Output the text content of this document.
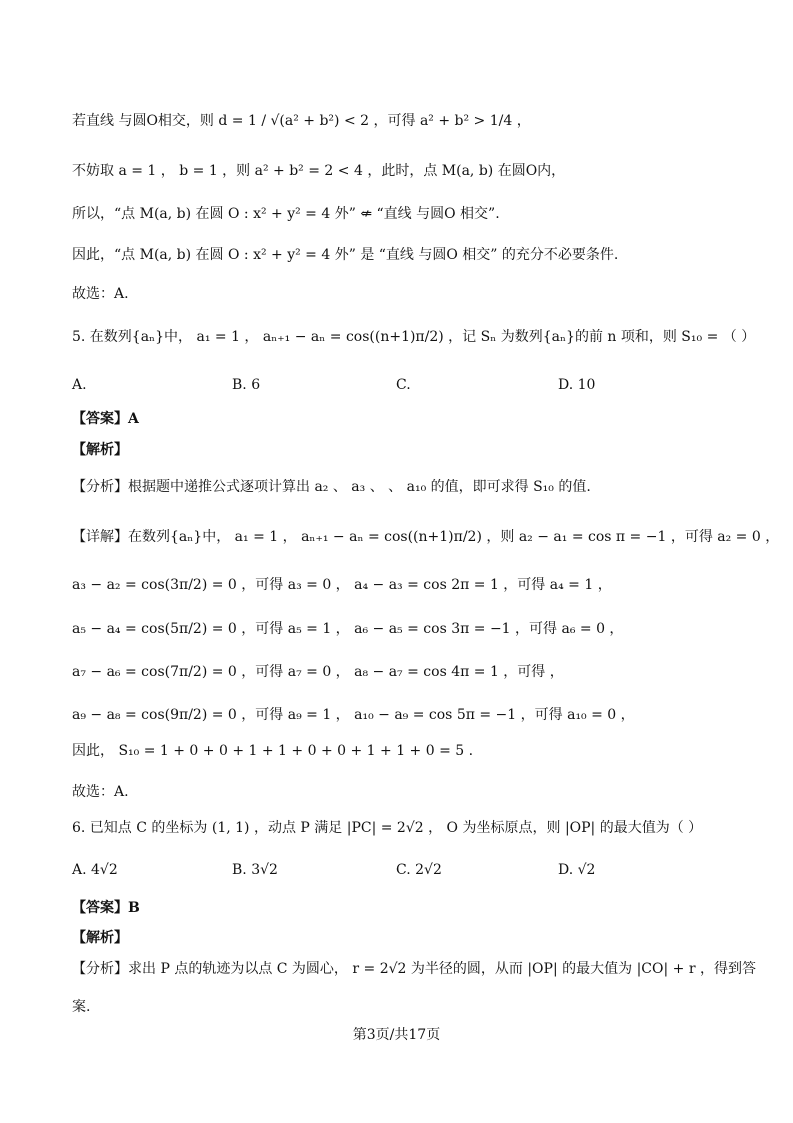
若直线 与圆O相交，则 d = 1 / √(a² + b²) < 2 ，可得 a² + b² > 1/4 ，
不妨取 a = 1 ， b = 1 ，则 a² + b² = 2 < 4 ，此时，点 M(a, b) 在圆O内，
所以，“点 M(a, b) 在圆 O : x² + y² = 4 外” ⇍ “直线 与圆O 相交”.
因此，“点 M(a, b) 在圆 O : x² + y² = 4 外” 是 “直线 与圆O 相交” 的充分不必要条件.
故选：A.
5. 在数列{aₙ}中， a₁ = 1 ， aₙ₊₁ − aₙ = cos((n+1)π/2) ，记 Sₙ 为数列{aₙ}的前 n 项和，则 S₁₀ = （ ）
A.	B. 6	C.	D. 10
【答案】A
【解析】
【分析】根据题中递推公式逐项计算出 a₂ 、 a₃ 、 、 a₁₀ 的值，即可求得 S₁₀ 的值.
【详解】在数列{aₙ}中， a₁ = 1 ， aₙ₊₁ − aₙ = cos((n+1)π/2) ，则 a₂ − a₁ = cos π = −1 ，可得 a₂ = 0 ，
a₃ − a₂ = cos(3π/2) = 0 ，可得 a₃ = 0 ， a₄ − a₃ = cos 2π = 1 ，可得 a₄ = 1 ，
a₅ − a₄ = cos(5π/2) = 0 ，可得 a₅ = 1 ， a₆ − a₅ = cos 3π = −1 ，可得 a₆ = 0 ，
a₇ − a₆ = cos(7π/2) = 0 ，可得 a₇ = 0 ， a₈ − a₇ = cos 4π = 1 ，可得 ，
a₉ − a₈ = cos(9π/2) = 0 ，可得 a₉ = 1 ， a₁₀ − a₉ = cos 5π = −1 ，可得 a₁₀ = 0 ，
因此， S₁₀ = 1 + 0 + 0 + 1 + 1 + 0 + 0 + 1 + 1 + 0 = 5 .
故选：A.
6. 已知点 C 的坐标为 (1, 1) ，动点 P 满足 |PC| = 2√2 ， O 为坐标原点，则 |OP| 的最大值为（ ）
A. 4√2	B. 3√2	C. 2√2	D. √2
【答案】B
【解析】
【分析】求出 P 点的轨迹为以点 C 为圆心， r = 2√2 为半径的圆，从而 |OP| 的最大值为 |CO| + r ，得到答
案.
第3页/共17页
